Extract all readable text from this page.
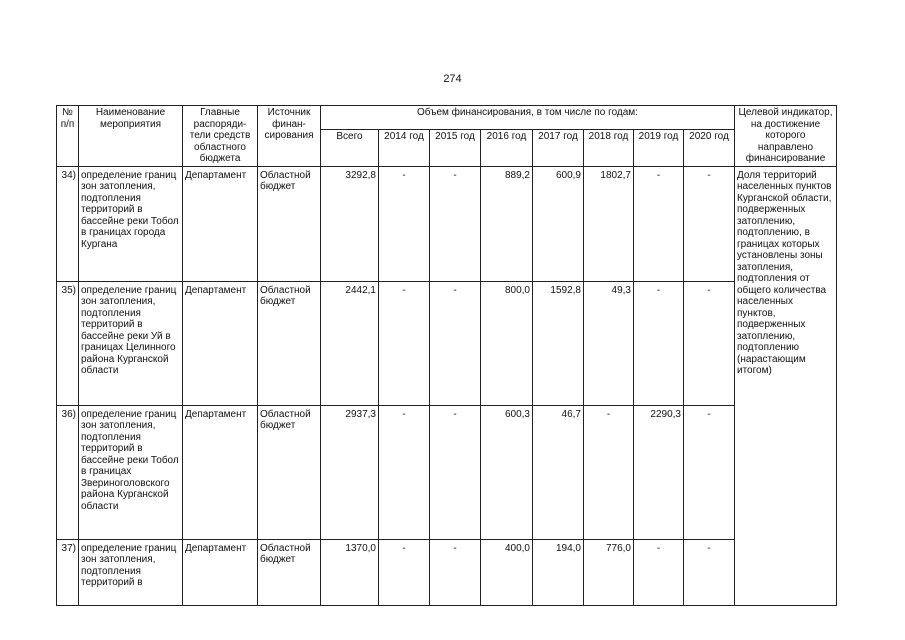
274
№ п/п	Наименование мероприятия	Главные распоряди-тели средств областного бюджета	Источник финан-сирования	Объем финансирования, в том числе по годам:								Целевой индикатор, на достижение которого направлено финансирование
				Всего	2014 год	2015 год	2016 год	2017 год	2018 год	2019 год	2020 год	
34)	определение границ зон затопления, подтопления территорий в бассейне реки Тобол в границах города Кургана	Департамент	Областной бюджет	3292,8	-	-	889,2	600,9	1802,7	-	-	Доля территорий населенных пунктов Курганской области, подверженных затоплению, подтоплению, в границах которых установлены зоны затопления, подтопления от общего количества населенных пунктов, подверженных затоплению, подтоплению (нарастающим итогом)
35)	определение границ зон затопления, подтопления территорий в бассейне реки Уй в границах Целинного района Курганской области	Департамент	Областной бюджет	2442,1	-	-	800,0	1592,8	49,3	-	-	
36)	определение границ зон затопления, подтопления территорий в бассейне реки Тобол в границах Звериноголовского района Курганской области	Департамент	Областной бюджет	2937,3	-	-	600,3	46,7	-	2290,3	-	
37)	определение границ зон затопления, подтопления территорий в	Департамент	Областной бюджет	1370,0	-	-	400,0	194,0	776,0	-	-	
